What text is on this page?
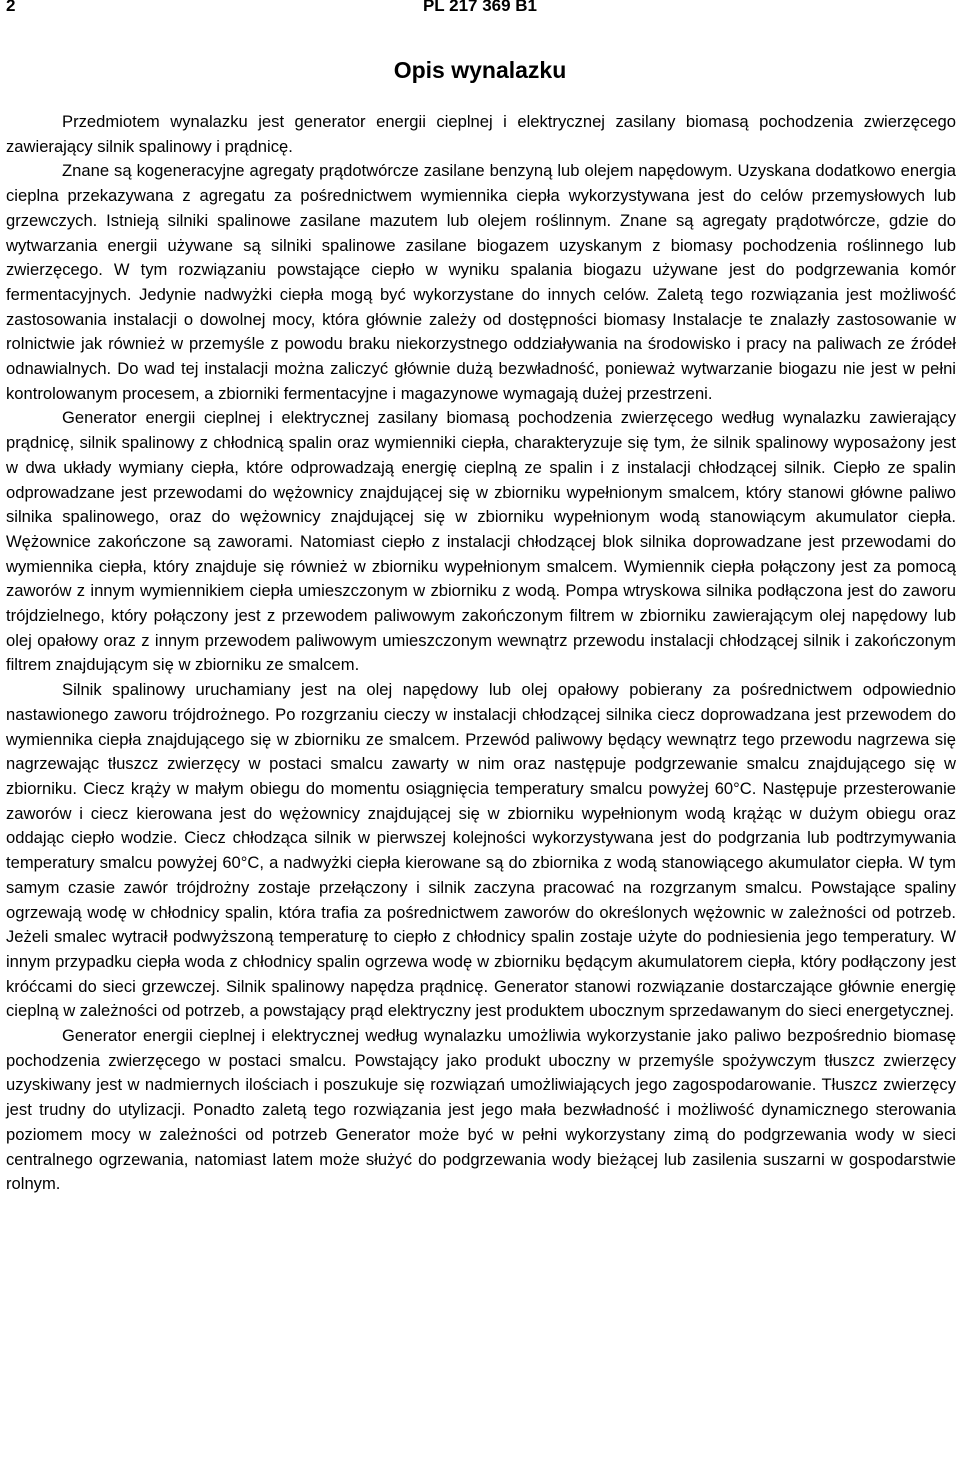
2	PL 217 369 B1
Opis wynalazku

Przedmiotem wynalazku jest generator energii cieplnej i elektrycznej zasilany biomasą pochodzenia zwierzęcego zawierający silnik spalinowy i prądnicę.

Znane są kogeneracyjne agregaty prądotwórcze zasilane benzyną lub olejem napędowym. Uzyskana dodatkowo energia cieplna przekazywana z agregatu za pośrednictwem wymiennika ciepła wykorzystywana jest do celów przemysłowych lub grzewczych. Istnieją silniki spalinowe zasilane mazutem lub olejem roślinnym. Znane są agregaty prądotwórcze, gdzie do wytwarzania energii używane są silniki spalinowe zasilane biogazem uzyskanym z biomasy pochodzenia roślinnego lub zwierzęcego. W tym rozwiązaniu powstające ciepło w wyniku spalania biogazu używane jest do podgrzewania komór fermentacyjnych. Jedynie nadwyżki ciepła mogą być wykorzystane do innych celów. Zaletą tego rozwiązania jest możliwość zastosowania instalacji o dowolnej mocy, która głównie zależy od dostępności biomasy Instalacje te znalazły zastosowanie w rolnictwie jak również w przemyśle z powodu braku niekorzystnego oddziaływania na środowisko i pracy na paliwach ze źródeł odnawialnych. Do wad tej instalacji można zaliczyć głównie dużą bezwładność, ponieważ wytwarzanie biogazu nie jest w pełni kontrolowanym procesem, a zbiorniki fermentacyjne i magazynowe wymagają dużej przestrzeni.

Generator energii cieplnej i elektrycznej zasilany biomasą pochodzenia zwierzęcego według wynalazku zawierający prądnicę, silnik spalinowy z chłodnicą spalin oraz wymienniki ciepła, charakteryzuje się tym, że silnik spalinowy wyposażony jest w dwa układy wymiany ciepła, które odprowadzają energię cieplną ze spalin i z instalacji chłodzącej silnik. Ciepło ze spalin odprowadzane jest przewodami do wężownicy znajdującej się w zbiorniku wypełnionym smalcem, który stanowi główne paliwo silnika spalinowego, oraz do wężownicy znajdującej się w zbiorniku wypełnionym wodą stanowiącym akumulator ciepła. Wężownice zakończone są zaworami. Natomiast ciepło z instalacji chłodzącej blok silnika doprowadzane jest przewodami do wymiennika ciepła, który znajduje się również w zbiorniku wypełnionym smalcem. Wymiennik ciepła połączony jest za pomocą zaworów z innym wymiennikiem ciepła umieszczonym w zbiorniku z wodą. Pompa wtryskowa silnika podłączona jest do zaworu trójdzielnego, który połączony jest z przewodem paliwowym zakończonym filtrem w zbiorniku zawierającym olej napędowy lub olej opałowy oraz z innym przewodem paliwowym umieszczonym wewnątrz przewodu instalacji chłodzącej silnik i zakończonym filtrem znajdującym się w zbiorniku ze smalcem.

Silnik spalinowy uruchamiany jest na olej napędowy lub olej opałowy pobierany za pośrednictwem odpowiednio nastawionego zaworu trójdrożnego. Po rozgrzaniu cieczy w instalacji chłodzącej silnika ciecz doprowadzana jest przewodem do wymiennika ciepła znajdującego się w zbiorniku ze smalcem. Przewód paliwowy będący wewnątrz tego przewodu nagrzewa się nagrzewając tłuszcz zwierzęcy w postaci smalcu zawarty w nim oraz następuje podgrzewanie smalcu znajdującego się w zbiorniku. Ciecz krąży w małym obiegu do momentu osiągnięcia temperatury smalcu powyżej 60°C. Następuje przesterowanie zaworów i ciecz kierowana jest do wężownicy znajdującej się w zbiorniku wypełnionym wodą krążąc w dużym obiegu oraz oddając ciepło wodzie. Ciecz chłodząca silnik w pierwszej kolejności wykorzystywana jest do podgrzania lub podtrzymywania temperatury smalcu powyżej 60°C, a nadwyżki ciepła kierowane są do zbiornika z wodą stanowiącego akumulator ciepła. W tym samym czasie zawór trójdrożny zostaje przełączony i silnik zaczyna pracować na rozgrzanym smalcu. Powstające spaliny ogrzewają wodę w chłodnicy spalin, która trafia za pośrednictwem zaworów do określonych wężownic w zależności od potrzeb. Jeżeli smalec wytracił podwyższoną temperaturę to ciepło z chłodnicy spalin zostaje użyte do podniesienia jego temperatury. W innym przypadku ciepła woda z chłodnicy spalin ogrzewa wodę w zbiorniku będącym akumulatorem ciepła, który podłączony jest króćcami do sieci grzewczej. Silnik spalinowy napędza prądnicę. Generator stanowi rozwiązanie dostarczające głównie energię cieplną w zależności od potrzeb, a powstający prąd elektryczny jest produktem ubocznym sprzedawanym do sieci energetycznej.

Generator energii cieplnej i elektrycznej według wynalazku umożliwia wykorzystanie jako paliwo bezpośrednio biomasę pochodzenia zwierzęcego w postaci smalcu. Powstający jako produkt uboczny w przemyśle spożywczym tłuszcz zwierzęcy uzyskiwany jest w nadmiernych ilościach i poszukuje się rozwiązań umożliwiających jego zagospodarowanie. Tłuszcz zwierzęcy jest trudny do utylizacji. Ponadto zaletą tego rozwiązania jest jego mała bezwładność i możliwość dynamicznego sterowania poziomem mocy w zależności od potrzeb Generator może być w pełni wykorzystany zimą do podgrzewania wody w sieci centralnego ogrzewania, natomiast latem może służyć do podgrzewania wody bieżącej lub zasilenia suszarni w gospodarstwie rolnym.
